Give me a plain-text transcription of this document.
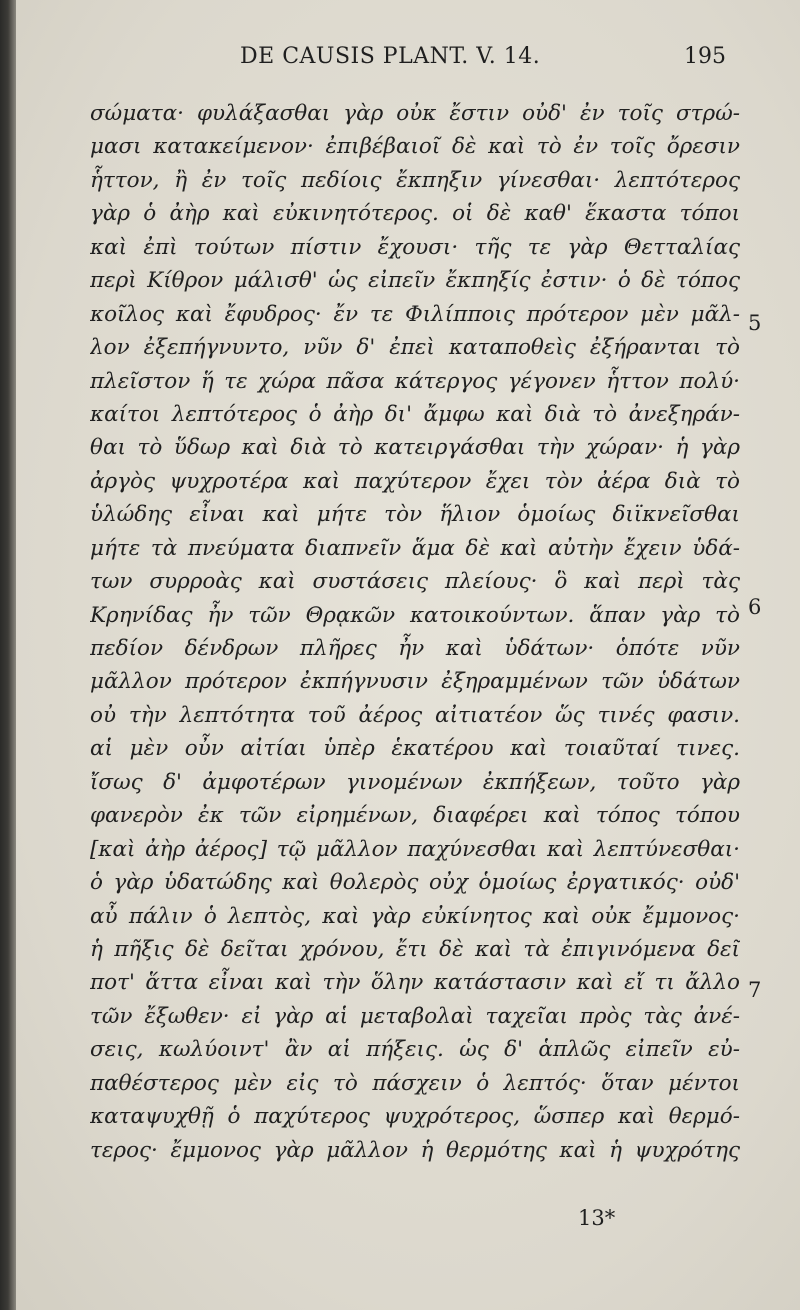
DE CAUSIS PLANT. V. 14.	195
σώματα· φυλάξασθαι γὰρ οὐκ ἔστιν οὐδ' ἐν τοῖς στρώ-
μασι κατακείμενον· ἐπιβέβαιοῖ δὲ καὶ τὸ ἐν τοῖς ὄρεσιν
ἧττον, ἢ ἐν τοῖς πεδίοις ἔκπηξιν γίνεσθαι· λεπτότερος
γὰρ ὁ ἀὴρ καὶ εὐκινητότερος. οἱ δὲ καθ' ἕκαστα τόποι
καὶ ἐπὶ τούτων πίστιν ἔχουσι· τῆς τε γὰρ Θετταλίας
περὶ Κίθρον μάλισθ' ὡς εἰπεῖν ἔκπηξίς ἐστιν· ὁ δὲ τόπος
κοῖλος καὶ ἔφυδρος· ἔν τε Φιλίπποις πρότερον μὲν μᾶλ-
λον ἐξεπήγνυντο, νῦν δ' ἐπεὶ καταποθεὶς ἐξήρανται τὸ
πλεῖστον ἥ τε χώρα πᾶσα κάτεργος γέγονεν ἧττον πολύ·
καίτοι λεπτότερος ὁ ἀὴρ δι' ἄμφω καὶ διὰ τὸ ἀνεξηράν-
θαι τὸ ὕδωρ καὶ διὰ τὸ κατειργάσθαι τὴν χώραν· ἡ γὰρ
ἀργὸς ψυχροτέρα καὶ παχύτερον ἔχει τὸν ἀέρα διὰ τὸ
ὑλώδης εἶναι καὶ μήτε τὸν ἥλιον ὁμοίως διϊκνεῖσθαι
μήτε τὰ πνεύματα διαπνεῖν ἅμα δὲ καὶ αὐτὴν ἔχειν ὑδά-
των συρροὰς καὶ συστάσεις πλείους· ὃ καὶ περὶ τὰς
Κρηνίδας ἦν τῶν Θρᾳκῶν κατοικούντων. ἅπαν γὰρ τὸ
πεδίον δένδρων πλῆρες ἦν καὶ ὑδάτων· ὁπότε νῦν
μᾶλλον πρότερον ἐκπήγνυσιν ἐξηραμμένων τῶν ὑδάτων
οὐ τὴν λεπτότητα τοῦ ἀέρος αἰτιατέον ὥς τινές φασιν.
αἱ μὲν οὖν αἰτίαι ὑπὲρ ἑκατέρου καὶ τοιαῦταί τινες.
ἴσως δ' ἀμφοτέρων γινομένων ἐκπήξεων, τοῦτο γὰρ
φανερὸν ἐκ τῶν εἰρημένων, διαφέρει καὶ τόπος τόπου
[καὶ ἀὴρ ἀέρος] τῷ μᾶλλον παχύνεσθαι καὶ λεπτύνεσθαι·
ὁ γὰρ ὑδατώδης καὶ θολερὸς οὐχ ὁμοίως ἐργατικός· οὐδ'
αὖ πάλιν ὁ λεπτὸς, καὶ γὰρ εὐκίνητος καὶ οὐκ ἔμμονος·
ἡ πῆξις δὲ δεῖται χρόνου, ἔτι δὲ καὶ τὰ ἐπιγινόμενα δεῖ
ποτ' ἅττα εἶναι καὶ τὴν ὅλην κατάστασιν καὶ εἴ τι ἄλλο
τῶν ἔξωθεν· εἰ γὰρ αἱ μεταβολαὶ ταχεῖαι πρὸς τὰς ἀνέ-
σεις, κωλύοιντ' ἂν αἱ πήξεις. ὡς δ' ἁπλῶς εἰπεῖν εὐ-
παθέστερος μὲν εἰς τὸ πάσχειν ὁ λεπτός· ὅταν μέντοι
καταψυχθῇ ὁ παχύτερος ψυχρότερος, ὥσπερ καὶ θερμό-
τερος· ἔμμονος γὰρ μᾶλλον ἡ θερμότης καὶ ἡ ψυχρότης
5
6
7
13*
